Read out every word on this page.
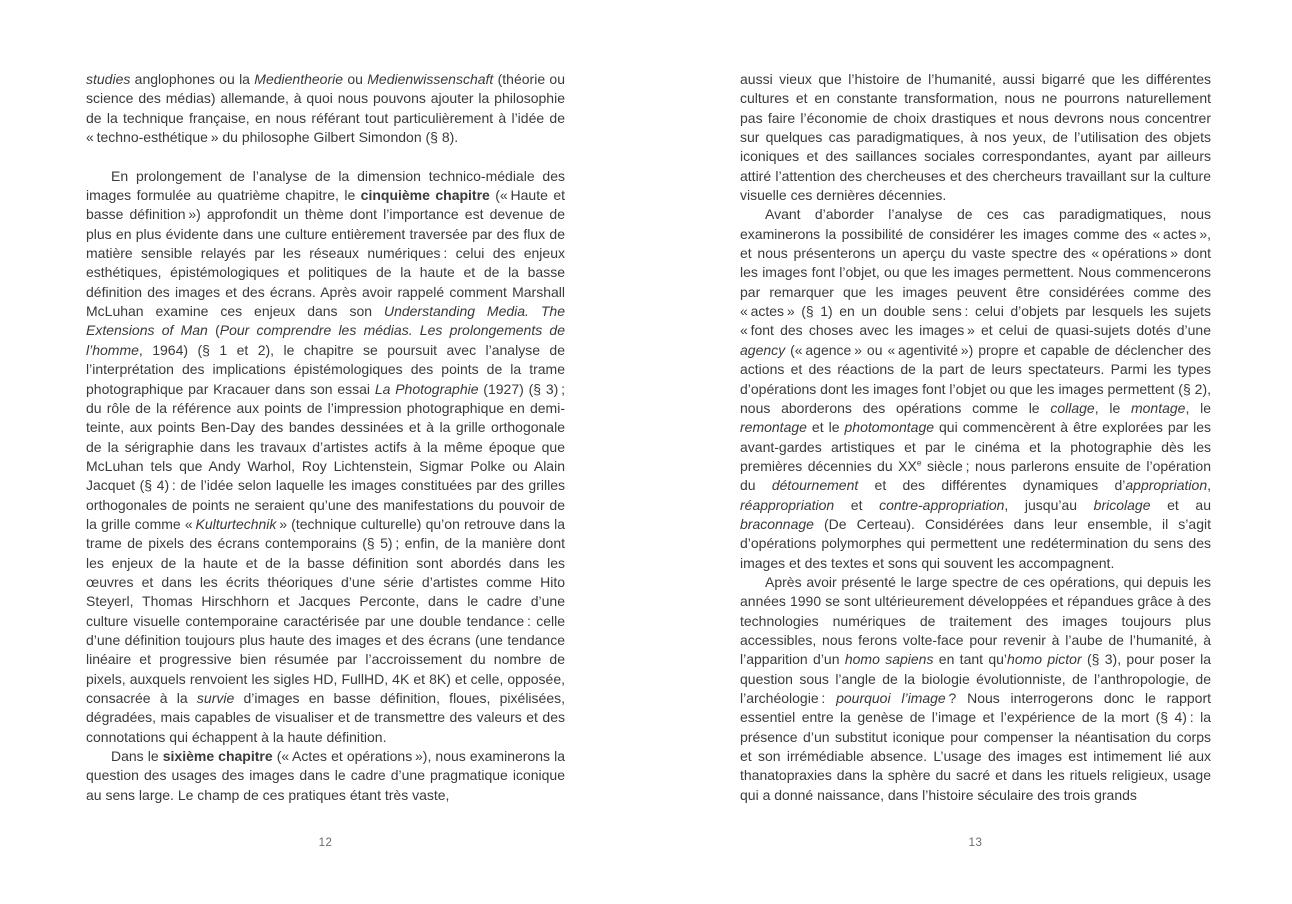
studies anglophones ou la Medientheorie ou Medienwissenschaft (théorie ou science des médias) allemande, à quoi nous pouvons ajouter la philosophie de la technique française, en nous référant tout particulièrement à l’idée de « techno-esthétique » du philosophe Gilbert Simondon (§ 8).

En prolongement de l’analyse de la dimension technico-médiale des images formulée au quatrième chapitre, le cinquième chapitre (« Haute et basse définition ») approfondit un thème dont l’importance est devenue de plus en plus évidente dans une culture entièrement traversée par des flux de matière sensible relayés par les réseaux numériques : celui des enjeux esthétiques, épistémologiques et politiques de la haute et de la basse définition des images et des écrans. Après avoir rappelé comment Marshall McLuhan examine ces enjeux dans son Understanding Media. The Extensions of Man (Pour comprendre les médias. Les prolongements de l’homme, 1964) (§ 1 et 2), le chapitre se poursuit avec l’analyse de l’interprétation des implications épistémologiques des points de la trame photographique par Kracauer dans son essai La Photographie (1927) (§ 3) ; du rôle de la référence aux points de l’impression photographique en demi-teinte, aux points Ben-Day des bandes dessinées et à la grille orthogonale de la sérigraphie dans les travaux d’artistes actifs à la même époque que McLuhan tels que Andy Warhol, Roy Lichtenstein, Sigmar Polke ou Alain Jacquet (§ 4) : de l’idée selon laquelle les images constituées par des grilles orthogonales de points ne seraient qu’une des manifestations du pouvoir de la grille comme « Kulturtechnik » (technique culturelle) qu’on retrouve dans la trame de pixels des écrans contemporains (§ 5) ; enfin, de la manière dont les enjeux de la haute et de la basse définition sont abordés dans les œuvres et dans les écrits théoriques d’une série d’artistes comme Hito Steyerl, Thomas Hirschhorn et Jacques Perconte, dans le cadre d’une culture visuelle contemporaine caractérisée par une double tendance : celle d’une définition toujours plus haute des images et des écrans (une tendance linéaire et progressive bien résumée par l’accroissement du nombre de pixels, auxquels renvoient les sigles HD, FullHD, 4K et 8K) et celle, opposée, consacrée à la survie d’images en basse définition, floues, pixélisées, dégradées, mais capables de visualiser et de transmettre des valeurs et des connotations qui échappent à la haute définition.

Dans le sixième chapitre (« Actes et opérations »), nous examinerons la question des usages des images dans le cadre d’une pragmatique iconique au sens large. Le champ de ces pratiques étant très vaste,

aussi vieux que l’histoire de l’humanité, aussi bigarré que les différentes cultures et en constante transformation, nous ne pourrons naturellement pas faire l’économie de choix drastiques et nous devrons nous concentrer sur quelques cas paradigmatiques, à nos yeux, de l’utilisation des objets iconiques et des saillances sociales correspondantes, ayant par ailleurs attiré l’attention des chercheuses et des chercheurs travaillant sur la culture visuelle ces dernières décennies.

Avant d’aborder l’analyse de ces cas paradigmatiques, nous examinerons la possibilité de considérer les images comme des « actes », et nous présenterons un aperçu du vaste spectre des « opérations » dont les images font l’objet, ou que les images permettent. Nous commencerons par remarquer que les images peuvent être considérées comme des « actes » (§ 1) en un double sens : celui d’objets par lesquels les sujets « font des choses avec les images » et celui de quasi-sujets dotés d’une agency (« agence » ou « agentivité ») propre et capable de déclencher des actions et des réactions de la part de leurs spectateurs. Parmi les types d’opérations dont les images font l’objet ou que les images permettent (§ 2), nous aborderons des opérations comme le collage, le montage, le remontage et le photomontage qui commencèrent à être explorées par les avant-gardes artistiques et par le cinéma et la photographie dès les premières décennies du XXe siècle ; nous parlerons ensuite de l’opération du détournement et des différentes dynamiques d’appropriation, réappropriation et contre-appropriation, jusqu’au bricolage et au braconnage (De Certeau). Considérées dans leur ensemble, il s’agit d’opérations polymorphes qui permettent une redétermination du sens des images et des textes et sons qui souvent les accompagnent.

Après avoir présenté le large spectre de ces opérations, qui depuis les années 1990 se sont ultérieurement développées et répandues grâce à des technologies numériques de traitement des images toujours plus accessibles, nous ferons volte-face pour revenir à l’aube de l’humanité, à l’apparition d’un homo sapiens en tant qu’homo pictor (§ 3), pour poser la question sous l’angle de la biologie évolutionniste, de l’anthropologie, de l’archéologie : pourquoi l’image ? Nous interrogerons donc le rapport essentiel entre la genèse de l’image et l’expérience de la mort (§ 4) : la présence d’un substitut iconique pour compenser la néantisation du corps et son irrémédiable absence. L’usage des images est intimement lié aux thanatopraxies dans la sphère du sacré et dans les rituels religieux, usage qui a donné naissance, dans l’histoire séculaire des trois grands

12	13
